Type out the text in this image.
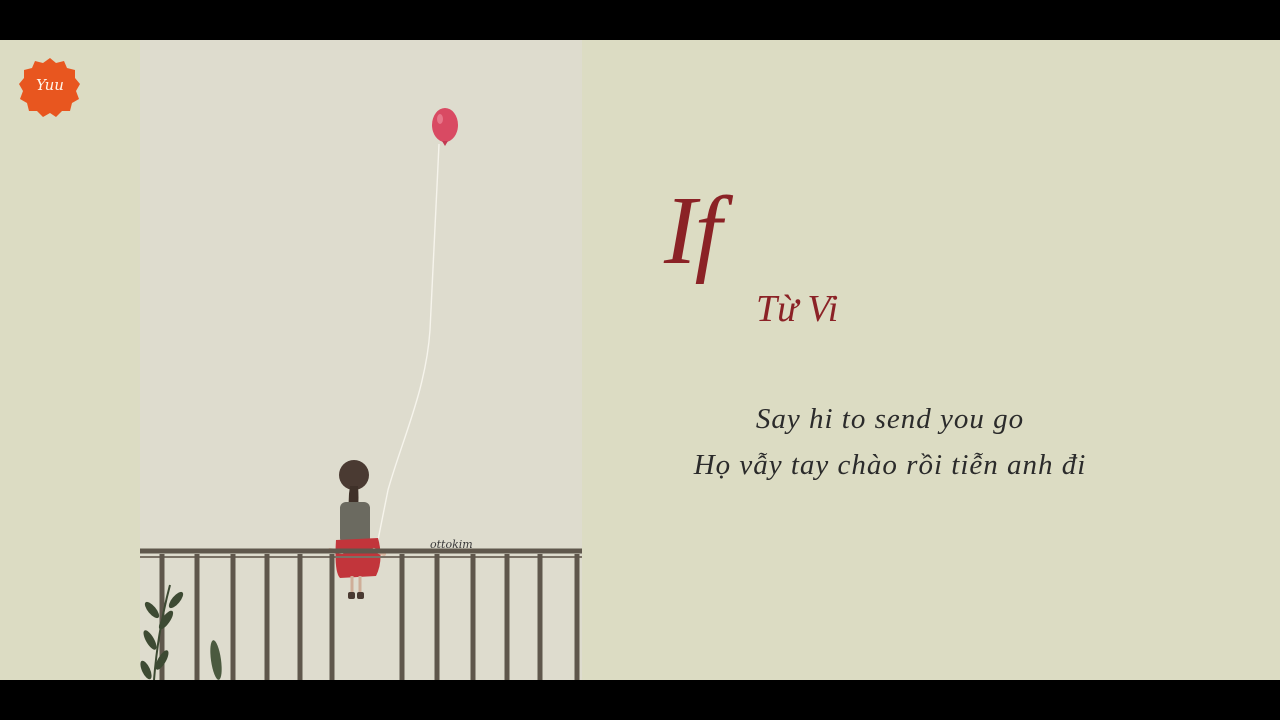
ottokim
Yuu
If
Từ Vi
Say hi to send you go
Họ vẫy tay chào rồi tiễn anh đi
